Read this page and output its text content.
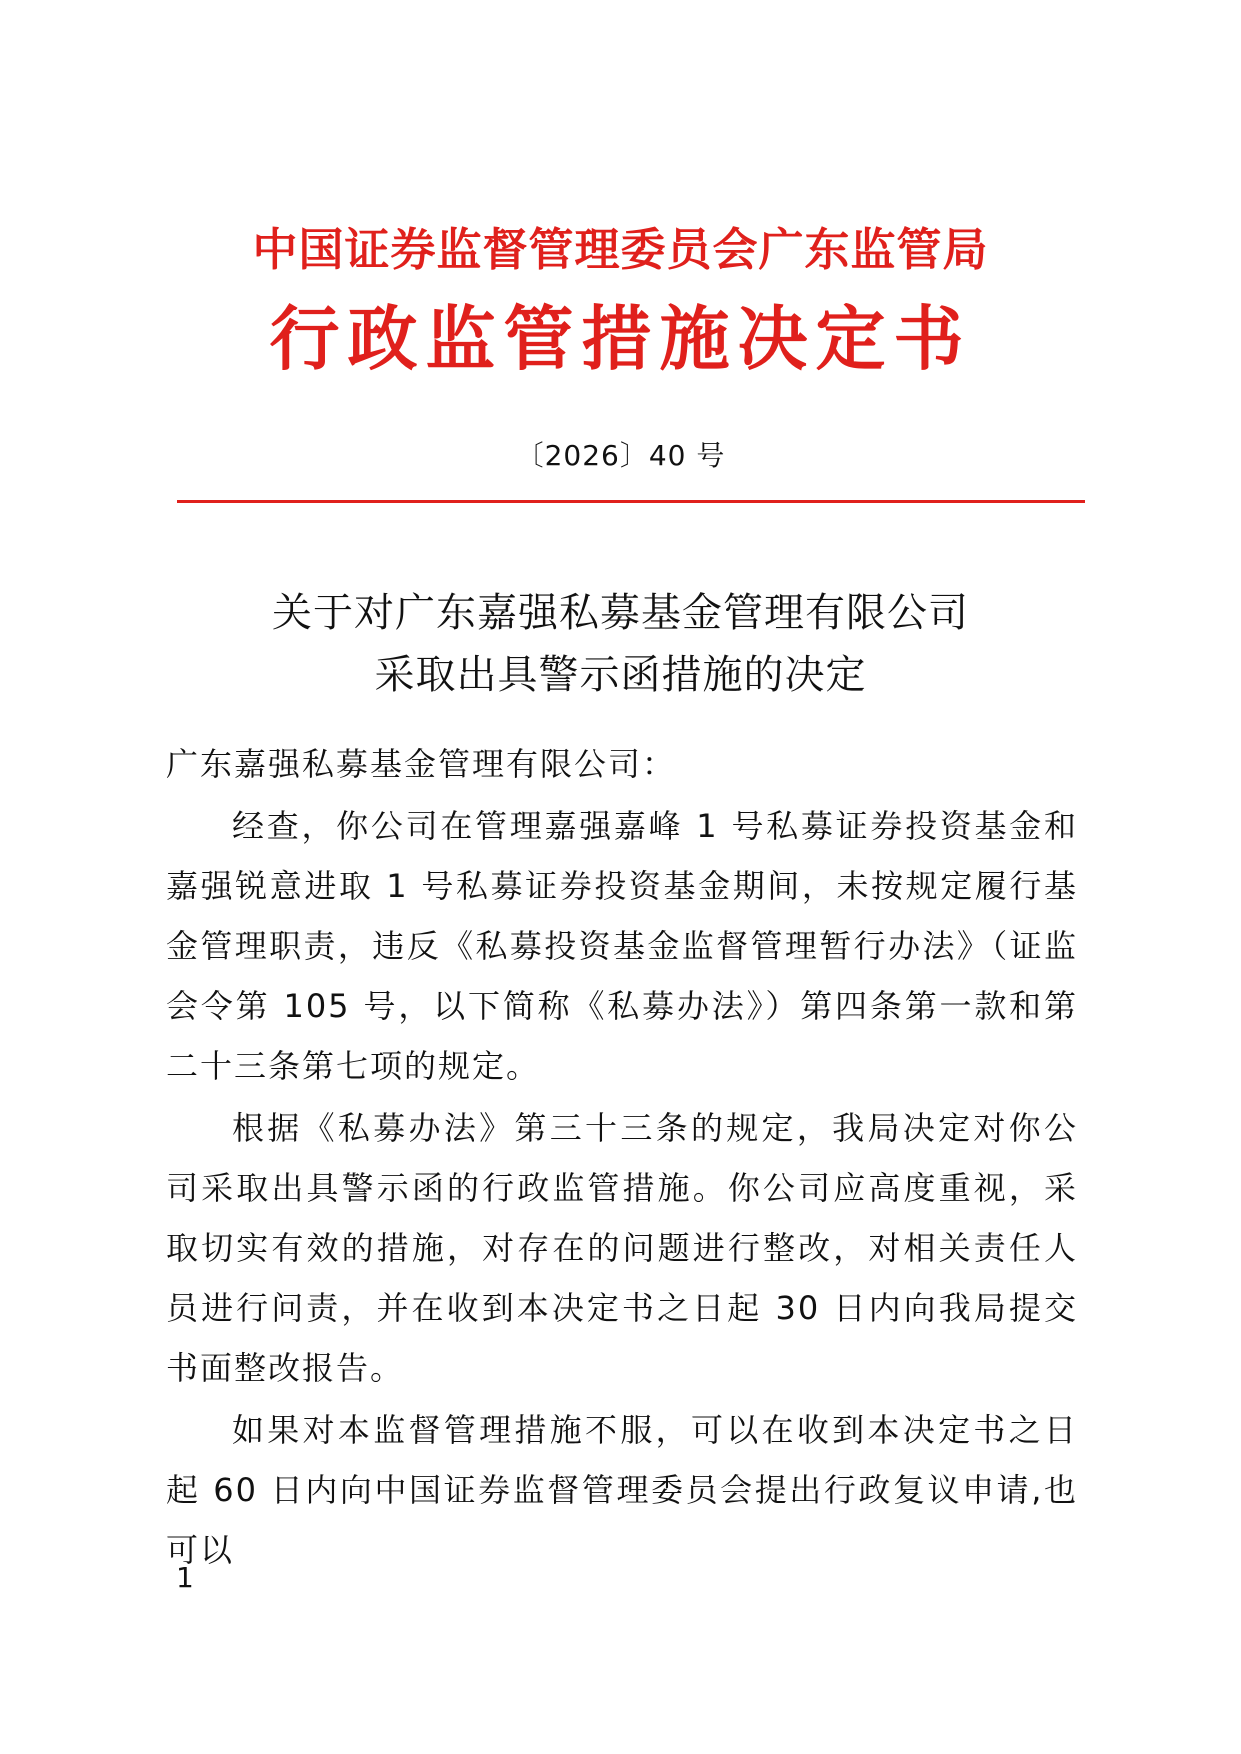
中国证券监督管理委员会广东监管局
行政监管措施决定书
〔2026〕40 号
关于对广东嘉强私募基金管理有限公司
采取出具警示函措施的决定
广东嘉强私募基金管理有限公司：

经查，你公司在管理嘉强嘉峰 1 号私募证券投资基金和嘉强锐意进取 1 号私募证券投资基金期间，未按规定履行基金管理职责，违反《私募投资基金监督管理暂行办法》（证监会令第 105 号，以下简称《私募办法》）第四条第一款和第二十三条第七项的规定。

根据《私募办法》第三十三条的规定，我局决定对你公司采取出具警示函的行政监管措施。你公司应高度重视，采取切实有效的措施，对存在的问题进行整改，对相关责任人员进行问责，并在收到本决定书之日起 30 日内向我局提交书面整改报告。

如果对本监督管理措施不服，可以在收到本决定书之日起 60 日内向中国证券监督管理委员会提出行政复议申请,也可以

1
